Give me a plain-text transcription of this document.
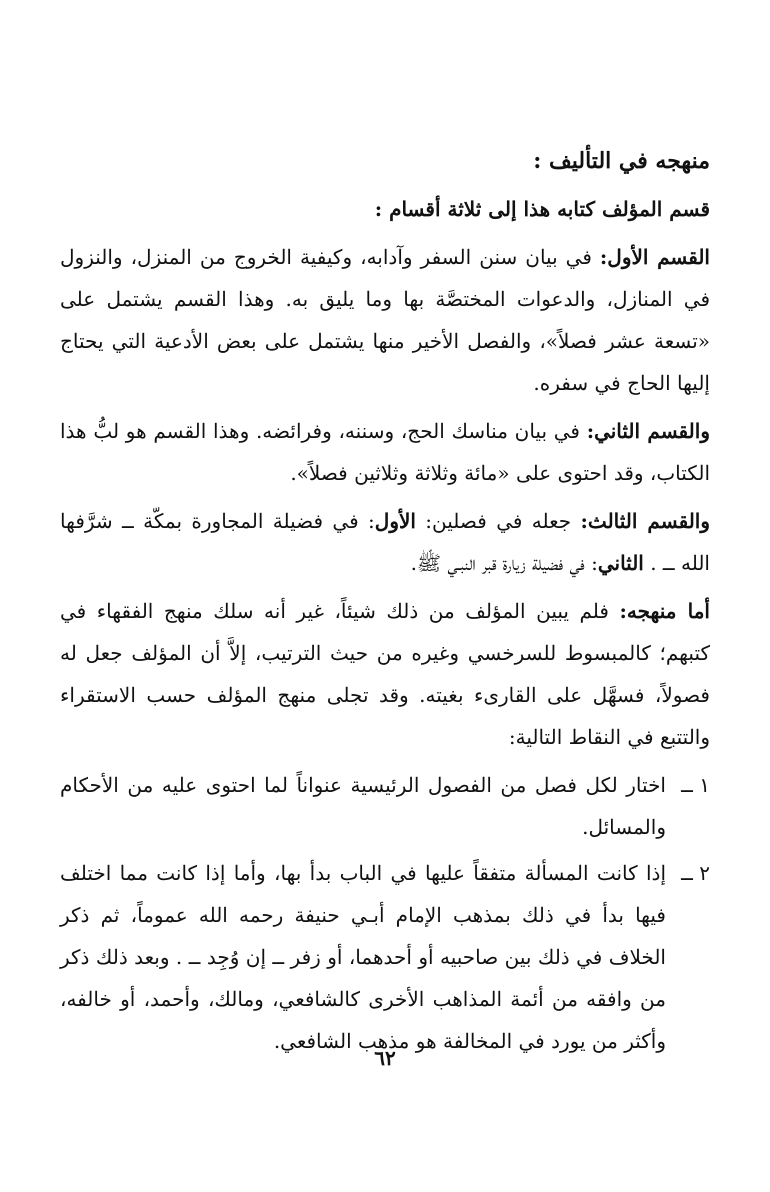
منهجه في التأليف :
قسم المؤلف كتابه هذا إلى ثلاثة أقسام :

القسم الأول: في بيان سنن السفر وآدابه، وكيفية الخروج من المنزل، والنزول في المنازل، والدعوات المختصَّة بها وما يليق به. وهذا القسم يشتمل على «تسعة عشر فصلاً»، والفصل الأخير منها يشتمل على بعض الأدعية التي يحتاج إليها الحاج في سفره.

والقسم الثاني: في بيان مناسك الحج، وسننه، وفرائضه. وهذا القسم هو لبُّ هذا الكتاب، وقد احتوى على «مائة وثلاثة وثلاثين فصلاً».

والقسم الثالث: جعله في فصلين: الأول: في فضيلة المجاورة بمكّة ــ شرَّفها الله ــ . الثاني: في فضيلة زيارة قبر النبـي ﷺ.

أما منهجه: فلم يبين المؤلف من ذلك شيئاً، غير أنه سلك منهج الفقهاء في كتبهم؛ كالمبسوط للسرخسي وغيره من حيث الترتيب، إلاَّ أن المؤلف جعل له فصولاً، فسهَّل على القارىء بغيته. وقد تجلى منهج المؤلف حسب الاستقراء والتتبع في النقاط التالية:

١ ــ
اختار لكل فصل من الفصول الرئيسية عنواناً لما احتوى عليه من الأحكام والمسائل.
٢ ــ
إذا كانت المسألة متفقاً عليها في الباب بدأ بها، وأما إذا كانت مما اختلف فيها بدأ في ذلك بمذهب الإمام أبـي حنيفة رحمه الله عموماً، ثم ذكر الخلاف في ذلك بين صاحبيه أو أحدهما، أو زفر ــ إن وُجِد ــ . وبعد ذلك ذكر من وافقه من أئمة المذاهب الأخرى كالشافعي، ومالك، وأحمد، أو خالفه، وأكثر من يورد في المخالفة هو مذهب الشافعي.
٦٢
